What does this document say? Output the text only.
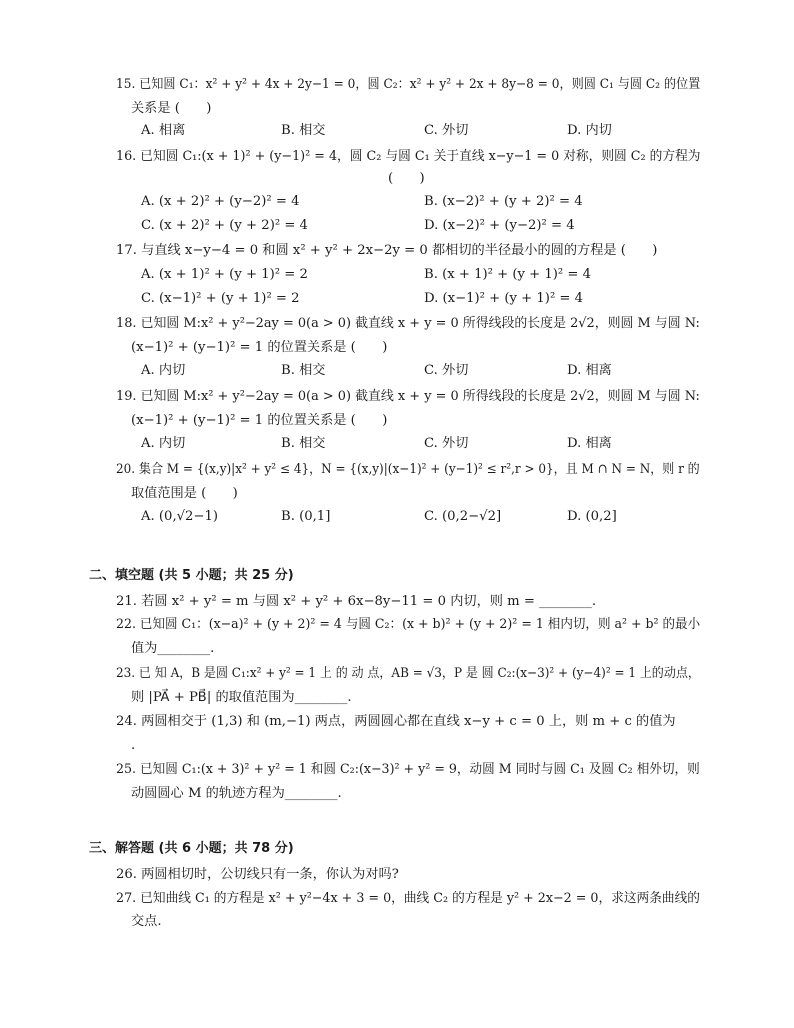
15. 已知圆 C₁：x² + y² + 4x + 2y−1 = 0，圆 C₂：x² + y² + 2x + 8y−8 = 0，则圆 C₁ 与圆 C₂ 的位置
关系是 (　　)
A. 相离	B. 相交	C. 外切	D. 内切
16. 已知圆 C₁:(x + 1)² + (y−1)² = 4，圆 C₂ 与圆 C₁ 关于直线 x−y−1 = 0 对称，则圆 C₂ 的方程为
(　　)
A. (x + 2)² + (y−2)² = 4	B. (x−2)² + (y + 2)² = 4
C. (x + 2)² + (y + 2)² = 4	D. (x−2)² + (y−2)² = 4
17. 与直线 x−y−4 = 0 和圆 x² + y² + 2x−2y = 0 都相切的半径最小的圆的方程是 (　　)
A. (x + 1)² + (y + 1)² = 2	B. (x + 1)² + (y + 1)² = 4
C. (x−1)² + (y + 1)² = 2	D. (x−1)² + (y + 1)² = 4
18. 已知圆 M:x² + y²−2ay = 0(a > 0) 截直线 x + y = 0 所得线段的长度是 2√2，则圆 M 与圆 N:
(x−1)² + (y−1)² = 1 的位置关系是 (　　)
A. 内切	B. 相交	C. 外切	D. 相离
19. 已知圆 M:x² + y²−2ay = 0(a > 0) 截直线 x + y = 0 所得线段的长度是 2√2，则圆 M 与圆 N:
(x−1)² + (y−1)² = 1 的位置关系是 (　　)
A. 内切	B. 相交	C. 外切	D. 相离
20. 集合 M = {(x,y)|x² + y² ≤ 4}，N = {(x,y)|(x−1)² + (y−1)² ≤ r²,r > 0}，且 M ∩ N = N，则 r 的
取值范围是 (　　)
A. (0,√2−1)	B. (0,1]	C. (0,2−√2]	D. (0,2]
二、填空题 (共 5 小题；共 25 分)
21. 若圆 x² + y² = m 与圆 x² + y² + 6x−8y−11 = 0 内切，则 m = ________.
22. 已知圆 C₁：(x−a)² + (y + 2)² = 4 与圆 C₂：(x + b)² + (y + 2)² = 1 相内切，则 a² + b² 的最小
值为________.
23. 已 知 A，B 是圆 C₁:x² + y² = 1 上 的 动 点，AB = √3，P 是 圆 C₂:(x−3)² + (y−4)² = 1 上的动点，
则 |PA⃗ + PB⃗| 的取值范围为________.
24. 两圆相交于 (1,3) 和 (m,−1) 两点，两圆圆心都在直线 x−y + c = 0 上，则 m + c 的值为
.
25. 已知圆 C₁:(x + 3)² + y² = 1 和圆 C₂:(x−3)² + y² = 9，动圆 M 同时与圆 C₁ 及圆 C₂ 相外切，则
动圆圆心 M 的轨迹方程为________.
三、解答题 (共 6 小题；共 78 分)
26. 两圆相切时，公切线只有一条，你认为对吗?
27. 已知曲线 C₁ 的方程是 x² + y²−4x + 3 = 0，曲线 C₂ 的方程是 y² + 2x−2 = 0，求这两条曲线的
交点.
